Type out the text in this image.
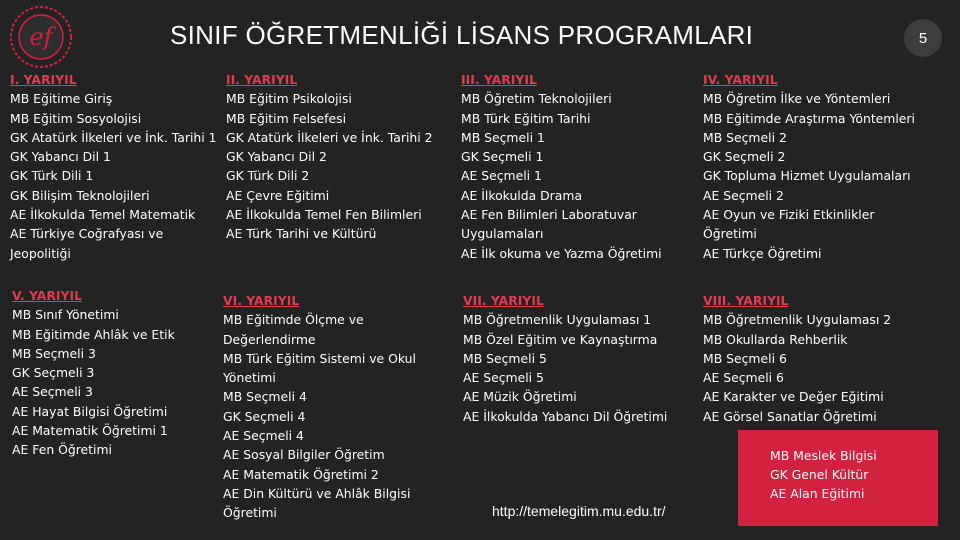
ef	SINIF ÖĞRETMENLİĞİ LİSANS PROGRAMLARI	5
I. YARIYIL
MB Eğitime Giriş
MB Eğitim Sosyolojisi
GK Atatürk İlkeleri ve İnk. Tarihi 1
GK Yabancı Dil 1
GK Türk Dili 1
GK Bilişim Teknolojileri
AE İlkokulda Temel Matematik
AE Türkiye Coğrafyası ve Jeopolitiği
II. YARIYIL
MB Eğitim Psikolojisi
MB Eğitim Felsefesi
GK Atatürk İlkeleri ve İnk. Tarihi 2
GK Yabancı Dil 2
GK Türk Dili 2
AE Çevre Eğitimi
AE İlkokulda Temel Fen Bilimleri
AE Türk Tarihi ve Kültürü
III. YARIYIL
MB Öğretim Teknolojileri
MB Türk Eğitim Tarihi
MB Seçmeli 1
GK Seçmeli 1
AE Seçmeli 1
AE İlkokulda Drama
AE Fen Bilimleri Laboratuvar Uygulamaları
AE İlk okuma ve Yazma Öğretimi
IV. YARIYIL
MB Öğretim İlke ve Yöntemleri
MB Eğitimde Araştırma Yöntemleri
MB Seçmeli 2
GK Seçmeli 2
GK Topluma Hizmet Uygulamaları
AE Seçmeli 2
AE Oyun ve Fiziki Etkinlikler Öğretimi
AE Türkçe Öğretimi
V. YARIYIL
MB Sınıf Yönetimi
MB Eğitimde Ahlâk ve Etik
MB Seçmeli 3
GK Seçmeli 3
AE Seçmeli 3
AE Hayat Bilgisi Öğretimi
AE Matematik Öğretimi 1
AE Fen Öğretimi
VI. YARIYIL
MB Eğitimde Ölçme ve Değerlendirme
MB Türk Eğitim Sistemi ve Okul Yönetimi
MB Seçmeli 4
GK Seçmeli 4
AE Seçmeli 4
AE Sosyal Bilgiler Öğretim
AE Matematik Öğretimi 2
AE Din Kültürü ve Ahlâk Bilgisi Öğretimi
VII. YARIYIL
MB Öğretmenlik Uygulaması 1
MB Özel Eğitim ve Kaynaştırma
MB Seçmeli 5
AE Seçmeli 5
AE Müzik Öğretimi
AE İlkokulda Yabancı Dil Öğretimi
VIII. YARIYIL
MB Öğretmenlik Uygulaması 2
MB Okullarda Rehberlik
MB Seçmeli 6
AE Seçmeli 6
AE Karakter ve Değer Eğitimi
AE Görsel Sanatlar Öğretimi
http://temelegitim.mu.edu.tr/
MB Meslek Bilgisi
GK Genel Kültür
AE Alan Eğitimi
